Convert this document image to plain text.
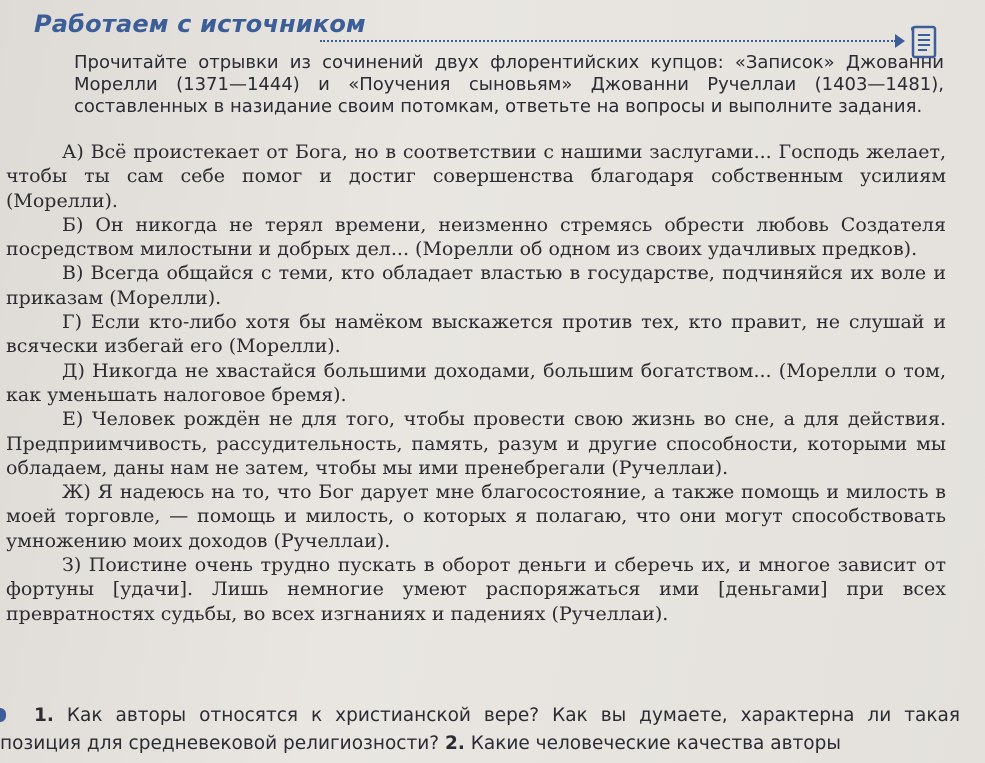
Работаем с источником
Прочитайте отрывки из сочинений двух флорентийских купцов: «Записок» Джованни Морелли (1371—1444) и «Поучения сыновьям» Джованни Ручеллаи (1403—1481), составленных в назидание своим потомкам, ответьте на вопросы и выполните задания.

А) Всё проистекает от Бога, но в соответствии с нашими заслугами... Господь желает, чтобы ты сам себе помог и достиг совершенства благодаря собственным усилиям (Морелли).

Б) Он никогда не терял времени, неизменно стремясь обрести любовь Создателя посредством милостыни и добрых дел... (Морелли об одном из своих удачливых предков).

В) Всегда общайся с теми, кто обладает властью в государстве, подчиняйся их воле и приказам (Морелли).

Г) Если кто-либо хотя бы намёком выскажется против тех, кто правит, не слушай и всячески избегай его (Морелли).

Д) Никогда не хвастайся большими доходами, большим богатством... (Морелли о том, как уменьшать налоговое бремя).

Е) Человек рождён не для того, чтобы провести свою жизнь во сне, а для действия. Предприимчивость, рассудительность, память, разум и другие способности, которыми мы обладаем, даны нам не затем, чтобы мы ими пренебрегали (Ручеллаи).

Ж) Я надеюсь на то, что Бог дарует мне благосостояние, а также помощь и милость в моей торговле, — помощь и милость, о которых я полагаю, что они могут способствовать умножению моих доходов (Ручеллаи).

З) Поистине очень трудно пускать в оборот деньги и сберечь их, и многое зависит от фортуны [удачи]. Лишь немногие умеют распоряжаться ими [деньгами] при всех превратностях судьбы, во всех изгнаниях и падениях (Ручеллаи).

1. Как авторы относятся к христианской вере? Как вы думаете, характерна ли такая позиция для средневековой религиозности? 2. Какие человеческие качества авторы
